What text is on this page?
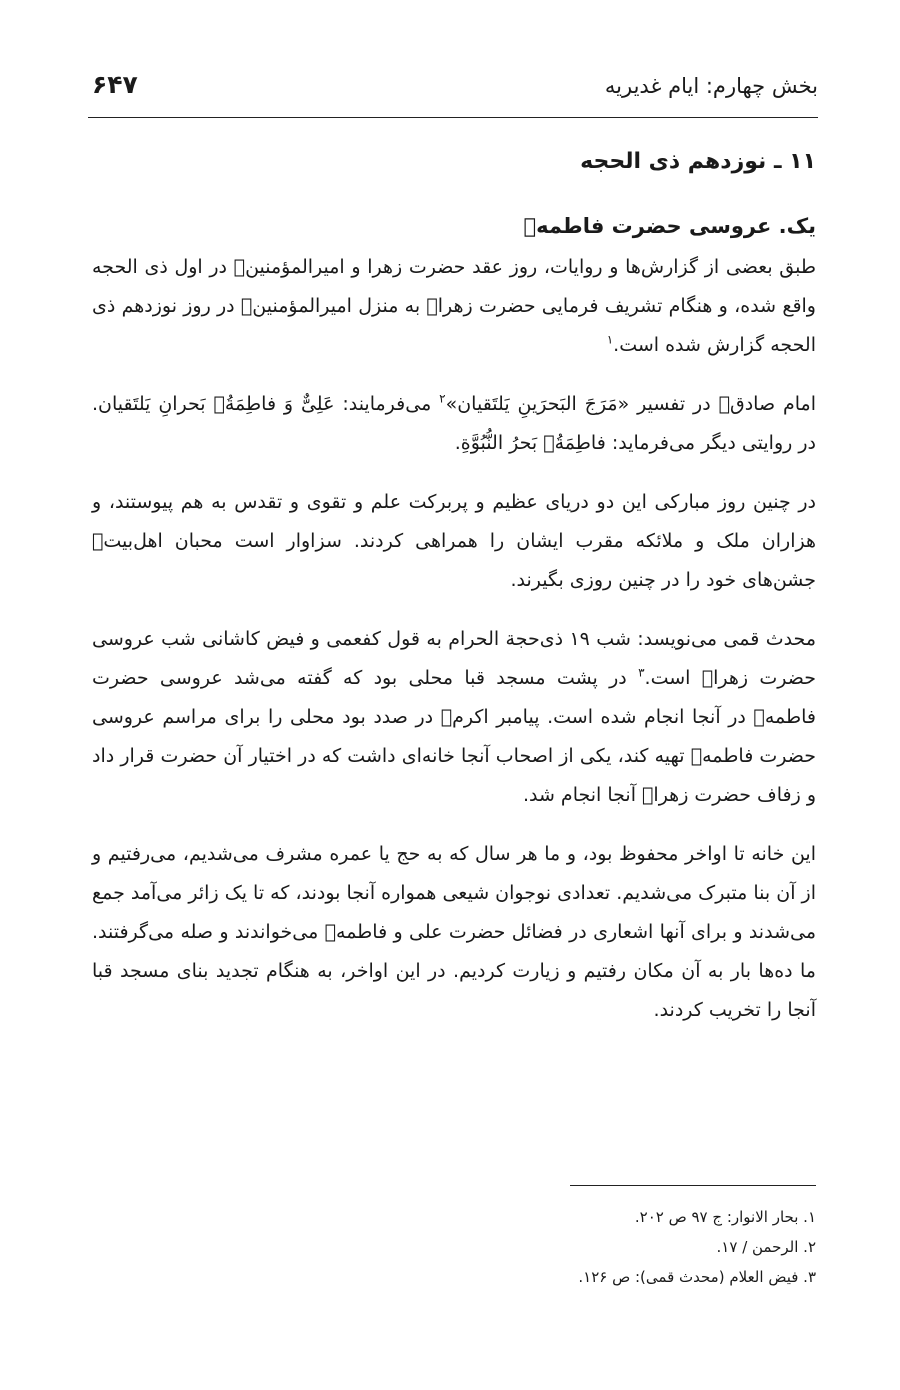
بخش چهارم: ایام غدیریه
۶۴۷
۱۱ ـ نوزدهم ذی الحجه
یک. عروسی حضرت فاطمهؐ

طبق بعضی از گزارش‌ها و روایات، روز عقد حضرت زهرا و امیرالمؤمنینؐ در اول ذی الحجه واقع شده، و هنگام تشریف فرمایی حضرت زهراؐ به منزل امیرالمؤمنینؐ در روز نوزدهم ذی الحجه گزارش شده است.$^۱$

امام صادقؐ در تفسیر «مَرَجَ البَحرَینِ یَلتَقیان»$^۲$ می‌فرمایند: عَلِیٌّ وَ فاطِمَةُؐ بَحرانِ یَلتَقیان. در روایتی دیگر می‌فرماید: فاطِمَةُؐ بَحرُ النُّبُوَّةِ.

در چنین روز مبارکی این دو دریای عظیم و پربرکت علم و تقوی و تقدس به هم پیوستند، و هزاران ملک و ملائکه مقرب ایشان را همراهی کردند. سزاوار است محبان اهل‌بیتؐ جشن‌های خود را در چنین روزی بگیرند.

محدث قمی می‌نویسد: شب ۱۹ ذی‌حجة الحرام به قول کفعمی و فیض کاشانی شب عروسی حضرت زهراؐ است.$^۳$ در پشت مسجد قبا محلی بود که گفته می‌شد عروسی حضرت فاطمهؐ در آنجا انجام شده است. پیامبر اکرمؒ در صدد بود محلی را برای مراسم عروسی حضرت فاطمهؐ تهیه کند، یکی از اصحاب آنجا خانه‌ای داشت که در اختیار آن حضرت قرار داد و زفاف حضرت زهراؐ آنجا انجام شد.

این خانه تا اواخر محفوظ بود، و ما هر سال که به حج یا عمره مشرف می‌شدیم، می‌رفتیم و از آن بنا متبرک می‌شدیم. تعدادی نوجوان شیعی همواره آنجا بودند، که تا یک زائر می‌آمد جمع می‌شدند و برای آنها اشعاری در فضائل حضرت علی و فاطمهؐ می‌خواندند و صله می‌گرفتند. ما ده‌ها بار به آن مکان رفتیم و زیارت کردیم. در این اواخر، به هنگام تجدید بنای مسجد قبا آنجا را تخریب کردند.

۱. بحار الانوار: ج ۹۷ ص ۲۰۲.
۲. الرحمن / ۱۷.
۳. فیض العلام (محدث قمی): ص ۱۲۶.
